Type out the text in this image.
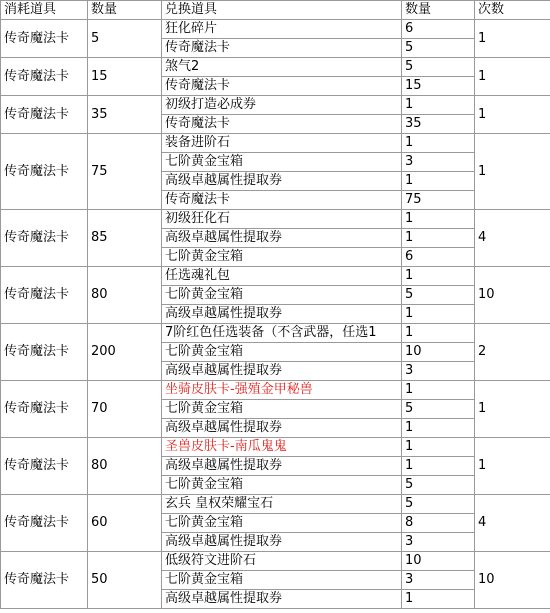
消耗道具	数量	兑换道具	数量	次数
传奇魔法卡	5	狂化碎片	6	1
		传奇魔法卡	5	
传奇魔法卡	15	煞气2	5	1
		传奇魔法卡	15	
传奇魔法卡	35	初级打造必成券	1	1
		传奇魔法卡	35	
传奇魔法卡	75	装备进阶石	1	1
		七阶黄金宝箱	3	
		高级卓越属性提取券	1	
		传奇魔法卡	75	
传奇魔法卡	85	初级狂化石	1	4
		高级卓越属性提取券	1	
		七阶黄金宝箱	6	
传奇魔法卡	80	任选魂礼包	1	10
		七阶黄金宝箱	5	
		高级卓越属性提取券	1	
传奇魔法卡	200	7阶红色任选装备（不含武器，任选1	1	2
		七阶黄金宝箱	10	
		高级卓越属性提取券	3	
传奇魔法卡	70	坐骑皮肤卡-强殖金甲秘兽	1	1
		七阶黄金宝箱	5	
		高级卓越属性提取券	1	
传奇魔法卡	80	圣兽皮肤卡-南瓜鬼鬼	1	1
		高级卓越属性提取券	1	
		七阶黄金宝箱	5	
传奇魔法卡	60	玄兵 皇权荣耀宝石	5	4
		七阶黄金宝箱	8	
		高级卓越属性提取券	3	
传奇魔法卡	50	低级符文进阶石	10	10
		七阶黄金宝箱	3	
		高级卓越属性提取券	1	
